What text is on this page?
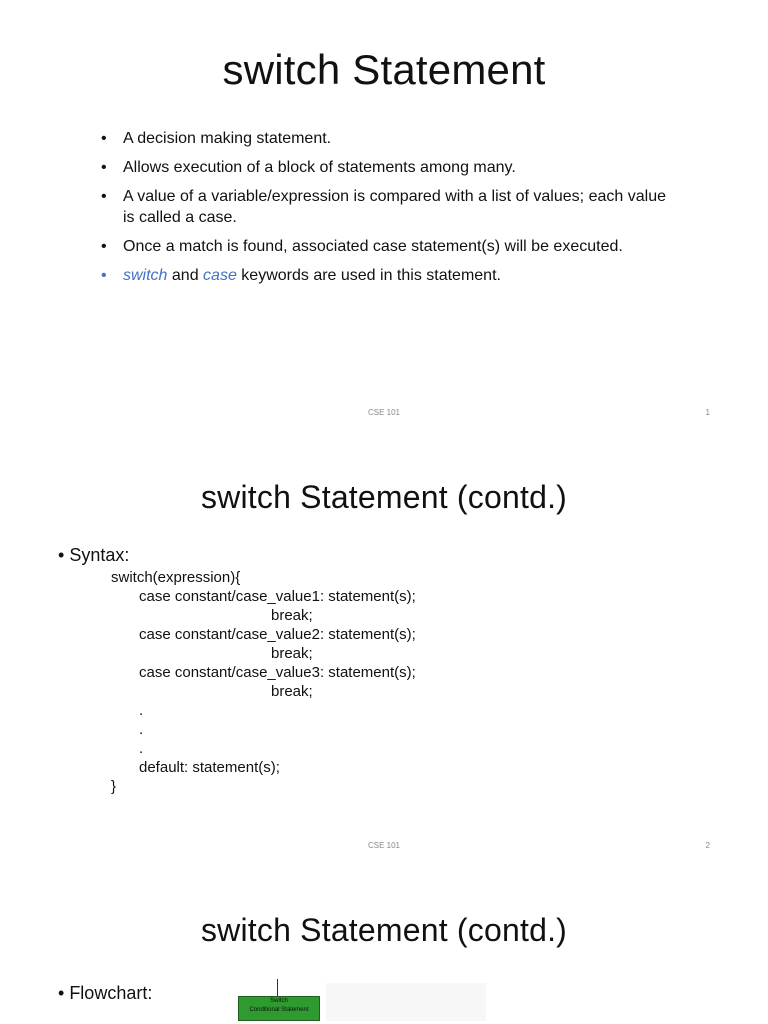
switch Statement
• A decision making statement.
• Allows execution of a block of statements among many.
• A value of a variable/expression is compared with a list of values; each value is called a case.
• Once a match is found, associated case statement(s) will be executed.
• switch and case keywords are used in this statement.
CSE 101	1
switch Statement (contd.)
• Syntax:
switch(expression){
case constant/case_value1: statement(s);
break;
case constant/case_value2: statement(s);
break;
case constant/case_value3: statement(s);
break;
.
.
.
default: statement(s);
}
CSE 101	2
switch Statement (contd.)
• Flowchart:	Switch
Conditional Statement
